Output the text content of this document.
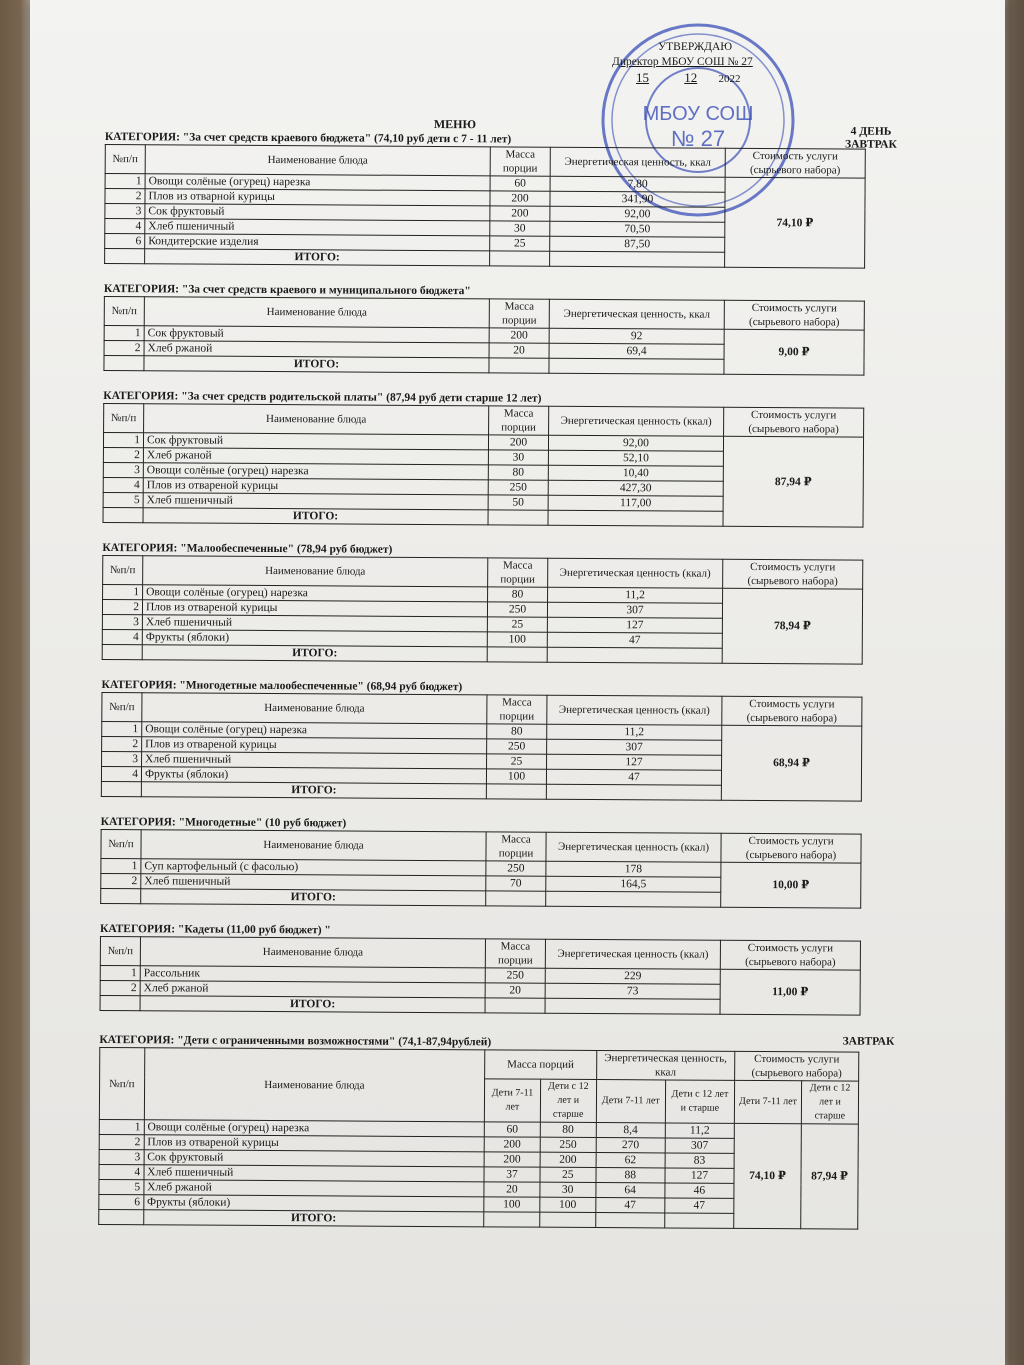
МБОУ СОШ
№ 27
УТВЕРЖДАЮ
Директор МБОУ СОШ № 27
15	12 2022
МЕНЮ
4 ДЕНЬ
ЗАВТРАК
КАТЕГОРИЯ: "За счет средств краевого бюджета" (74,10 руб дети с 7 - 11 лет)
№п/п	Наименование блюда	Масса порции	Энергетическая ценность, ккал	Стоимость услуги (сырьевого набора)
1	Овощи солёные (огурец) нарезка	60	7,80	74,10 ₽
2	Плов из отварной курицы	200	341,90	
3	Сок фруктовый	200	92,00	
4	Хлеб пшеничный	30	70,50	
6	Кондитерские изделия	25	87,50	
	ИТОГО:			
КАТЕГОРИЯ: "За счет средств краевого и муниципального бюджета"
№п/п	Наименование блюда	Масса порции	Энергетическая ценность, ккал	Стоимость услуги (сырьевого набора)
1	Сок фруктовый	200	92	9,00 ₽
2	Хлеб ржаной	20	69,4	
	ИТОГО:			
КАТЕГОРИЯ: "За счет средств родительской платы" (87,94 руб дети старше 12 лет)
№п/п	Наименование блюда	Масса порции	Энергетическая ценность (ккал)	Стоимость услуги (сырьевого набора)
1	Сок фруктовый	200	92,00	87,94 ₽
2	Хлеб ржаной	30	52,10	
3	Овощи солёные (огурец) нарезка	80	10,40	
4	Плов из отвареной курицы	250	427,30	
5	Хлеб пшеничный	50	117,00	
	ИТОГО:			
КАТЕГОРИЯ: "Малообеспеченные" (78,94 руб бюджет)
№п/п	Наименование блюда	Масса порции	Энергетическая ценность (ккал)	Стоимость услуги (сырьевого набора)
1	Овощи солёные (огурец) нарезка	80	11,2	78,94 ₽
2	Плов из отвареной курицы	250	307	
3	Хлеб пшеничный	25	127	
4	Фрукты (яблоки)	100	47	
	ИТОГО:			
КАТЕГОРИЯ: "Многодетные малообеспеченные" (68,94 руб бюджет)
№п/п	Наименование блюда	Масса порции	Энергетическая ценность (ккал)	Стоимость услуги (сырьевого набора)
1	Овощи солёные (огурец) нарезка	80	11,2	68,94 ₽
2	Плов из отвареной курицы	250	307	
3	Хлеб пшеничный	25	127	
4	Фрукты (яблоки)	100	47	
	ИТОГО:			
КАТЕГОРИЯ: "Многодетные" (10 руб бюджет)
№п/п	Наименование блюда	Масса порции	Энергетическая ценность (ккал)	Стоимость услуги (сырьевого набора)
1	Суп картофельный (с фасолью)	250	178	10,00 ₽
2	Хлеб пшеничный	70	164,5	
	ИТОГО:			
КАТЕГОРИЯ: "Кадеты (11,00 руб бюджет) "
№п/п	Наименование блюда	Масса порции	Энергетическая ценность (ккал)	Стоимость услуги (сырьевого набора)
1	Рассольник	250	229	11,00 ₽
2	Хлеб ржаной	20	73	
	ИТОГО:			
ЗАВТРАК
КАТЕГОРИЯ: "Дети с ограниченными возможностями" (74,1-87,94рублей)
№п/п	Наименование блюда	Масса порций		Энергетическая ценность, ккал		Стоимость услуги (сырьевого набора)	
		Дети 7-11 лет	Дети с 12 лет и старше	Дети 7-11 лет	Дети с 12 лет и старше	Дети 7-11 лет	Дети с 12 лет и старше
1	Овощи солёные (огурец) нарезка	60	80	8,4	11,2	74,10 ₽	87,94 ₽
2	Плов из отвареной курицы	200	250	270	307		
3	Сок фруктовый	200	200	62	83		
4	Хлеб пшеничный	37	25	88	127		
5	Хлеб ржаной	20	30	64	46		
6	Фрукты (яблоки)	100	100	47	47		
	ИТОГО:						
